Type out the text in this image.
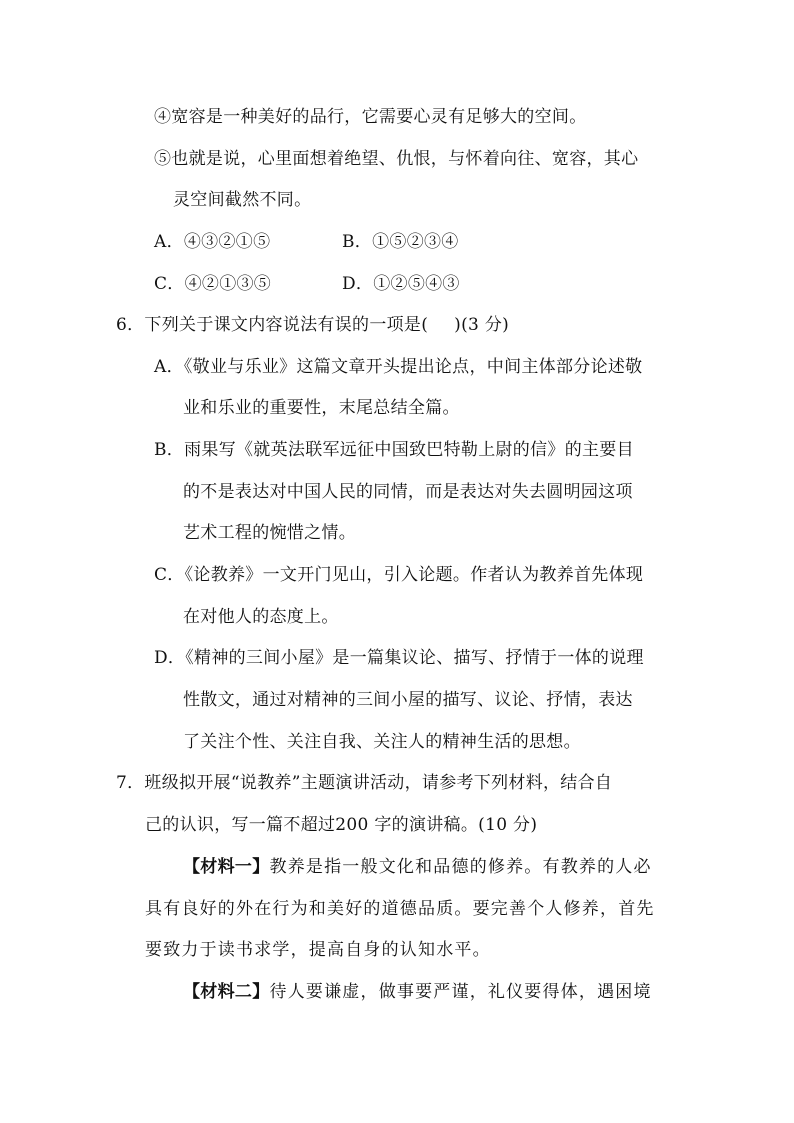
④宽容是一种美好的品行，它需要心灵有足够大的空间。
⑤也就是说，心里面想着绝望、仇恨，与怀着向往、宽容，其心
灵空间截然不同。
A．④③②①⑤	B．①⑤②③④
C．④②①③⑤	D．①②⑤④③
6．下列关于课文内容说法有误的一项是( )(3 分)
A．《敬业与乐业》这篇文章开头提出论点，中间主体部分论述敬
业和乐业的重要性，末尾总结全篇。
B．雨果写《就英法联军远征中国致巴特勒上尉的信》的主要目
的不是表达对中国人民的同情，而是表达对失去圆明园这项
艺术工程的惋惜之情。
C．《论教养》一文开门见山，引入论题。作者认为教养首先体现
在对他人的态度上。
D．《精神的三间小屋》是一篇集议论、描写、抒情于一体的说理
性散文，通过对精神的三间小屋的描写、议论、抒情，表达
了关注个性、关注自我、关注人的精神生活的思想。
7．班级拟开展“说教养”主题演讲活动，请参考下列材料，结合自
己的认识，写一篇不超过200 字的演讲稿。(10 分)
【材料一】教养是指一般文化和品德的修养。有教养的人必
具有良好的外在行为和美好的道德品质。要完善个人修养，首先
要致力于读书求学，提高自身的认知水平。
【材料二】待人要谦虚，做事要严谨，礼仪要得体，遇困境
